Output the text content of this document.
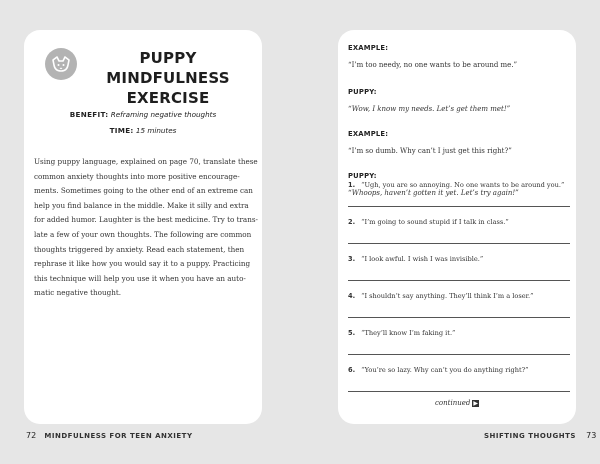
PUPPY MINDFULNESS
EXERCISE
BENEFIT: Reframing negative thoughts
TIME: 15 minutes
Using puppy language, explained on page 70, translate these
common anxiety thoughts into more positive encourage-
ments. Sometimes going to the other end of an extreme can
help you find balance in the middle. Make it silly and extra
for added humor. Laughter is the best medicine. Try to trans-
late a few of your own thoughts. The following are common
thoughts triggered by anxiety. Read each statement, then
rephrase it like how you would say it to a puppy. Practicing
this technique will help you use it when you have an auto-
matic negative thought.
72 MINDFULNESS FOR TEEN ANXIETY
EXAMPLE:
“I’m too needy, no one wants to be around me.”
PUPPY:
“Wow, I know my needs. Let’s get them met!”
EXAMPLE:
“I’m so dumb. Why can’t I just get this right?”
PUPPY:
“Whoops, haven’t gotten it yet. Let’s try again!”
1. “Ugh, you are so annoying. No one wants to be around you.”
2. “I’m going to sound stupid if I talk in class.”
3. “I look awful. I wish I was invisible.”
4. “I shouldn’t say anything. They’ll think I’m a loser.”
5. “They’ll know I’m faking it.”
6. “You’re so lazy. Why can’t you do anything right?”
continued ▶
SHIFTING THOUGHTS 73
